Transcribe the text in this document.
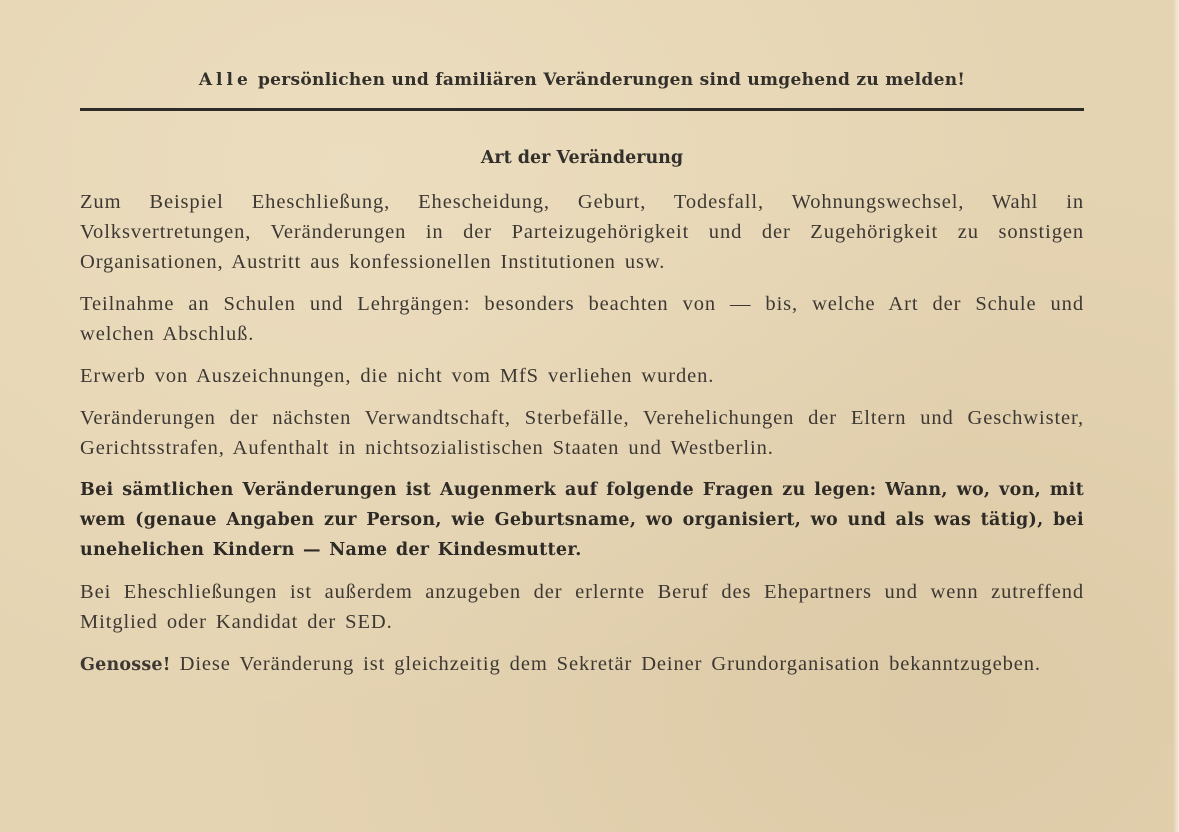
Alle persönlichen und familiären Veränderungen sind umgehend zu melden!
Art der Veränderung

Zum Beispiel Eheschließung, Ehescheidung, Geburt, Todesfall, Wohnungswechsel, Wahl in Volksvertretungen, Veränderungen in der Parteizugehörigkeit und der Zugehörigkeit zu sonstigen Organisationen, Austritt aus konfessionellen Institutionen usw.

Teilnahme an Schulen und Lehrgängen: besonders beachten von — bis, welche Art der Schule und welchen Abschluß.

Erwerb von Auszeichnungen, die nicht vom MfS verliehen wurden.

Veränderungen der nächsten Verwandtschaft, Sterbefälle, Verehelichungen der Eltern und Geschwister, Gerichtsstrafen, Aufenthalt in nichtsozialistischen Staaten und Westberlin.

Bei sämtlichen Veränderungen ist Augenmerk auf folgende Fragen zu legen: Wann, wo, von, mit wem (genaue Angaben zur Person, wie Geburtsname, wo organisiert, wo und als was tätig), bei unehelichen Kindern — Name der Kindesmutter.

Bei Eheschließungen ist außerdem anzugeben der erlernte Beruf des Ehepartners und wenn zutreffend Mitglied oder Kandidat der SED.

Genosse! Diese Veränderung ist gleichzeitig dem Sekretär Deiner Grundorganisation bekanntzugeben.
